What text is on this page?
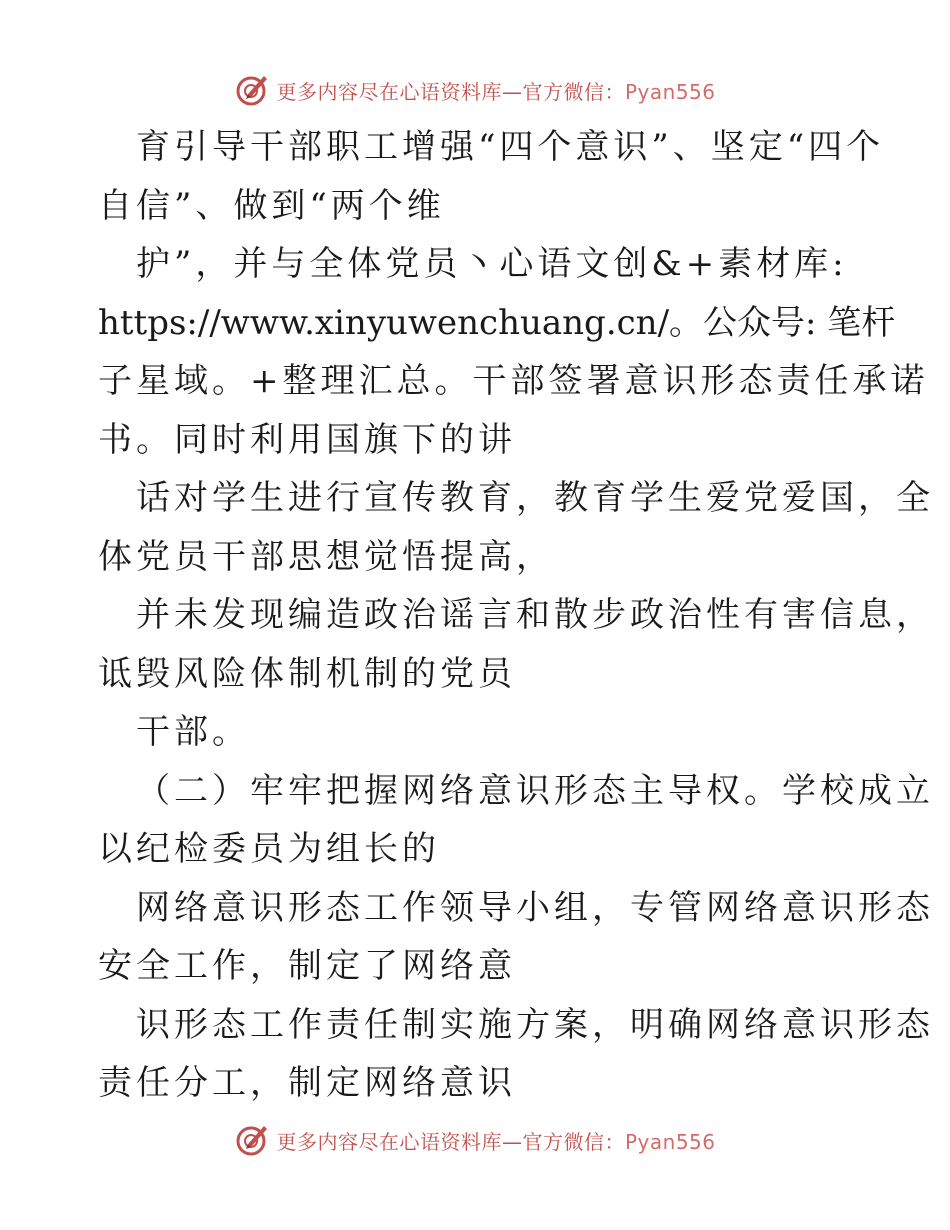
更多内容尽在心语资料库—官方微信：Pyan556

育引导干部职工增强“四个意识”、坚定“四个

自信”、做到“两个维

护”，并与全体党员丶心语文创&+素材库:

https://www.xinyuwenchuang.cn/。公众号: 笔杆

子星域。+整理汇总。干部签署意识形态责任承诺

书。同时利用国旗下的讲

话对学生进行宣传教育，教育学生爱党爱国，全

体党员干部思想觉悟提高，

并未发现编造政治谣言和散步政治性有害信息，

诋毁风险体制机制的党员

干部。

（二）牢牢把握网络意识形态主导权。学校成立

以纪检委员为组长的

网络意识形态工作领导小组，专管网络意识形态

安全工作，制定了网络意

识形态工作责任制实施方案，明确网络意识形态

责任分工，制定网络意识

更多内容尽在心语资料库—官方微信：Pyan556
